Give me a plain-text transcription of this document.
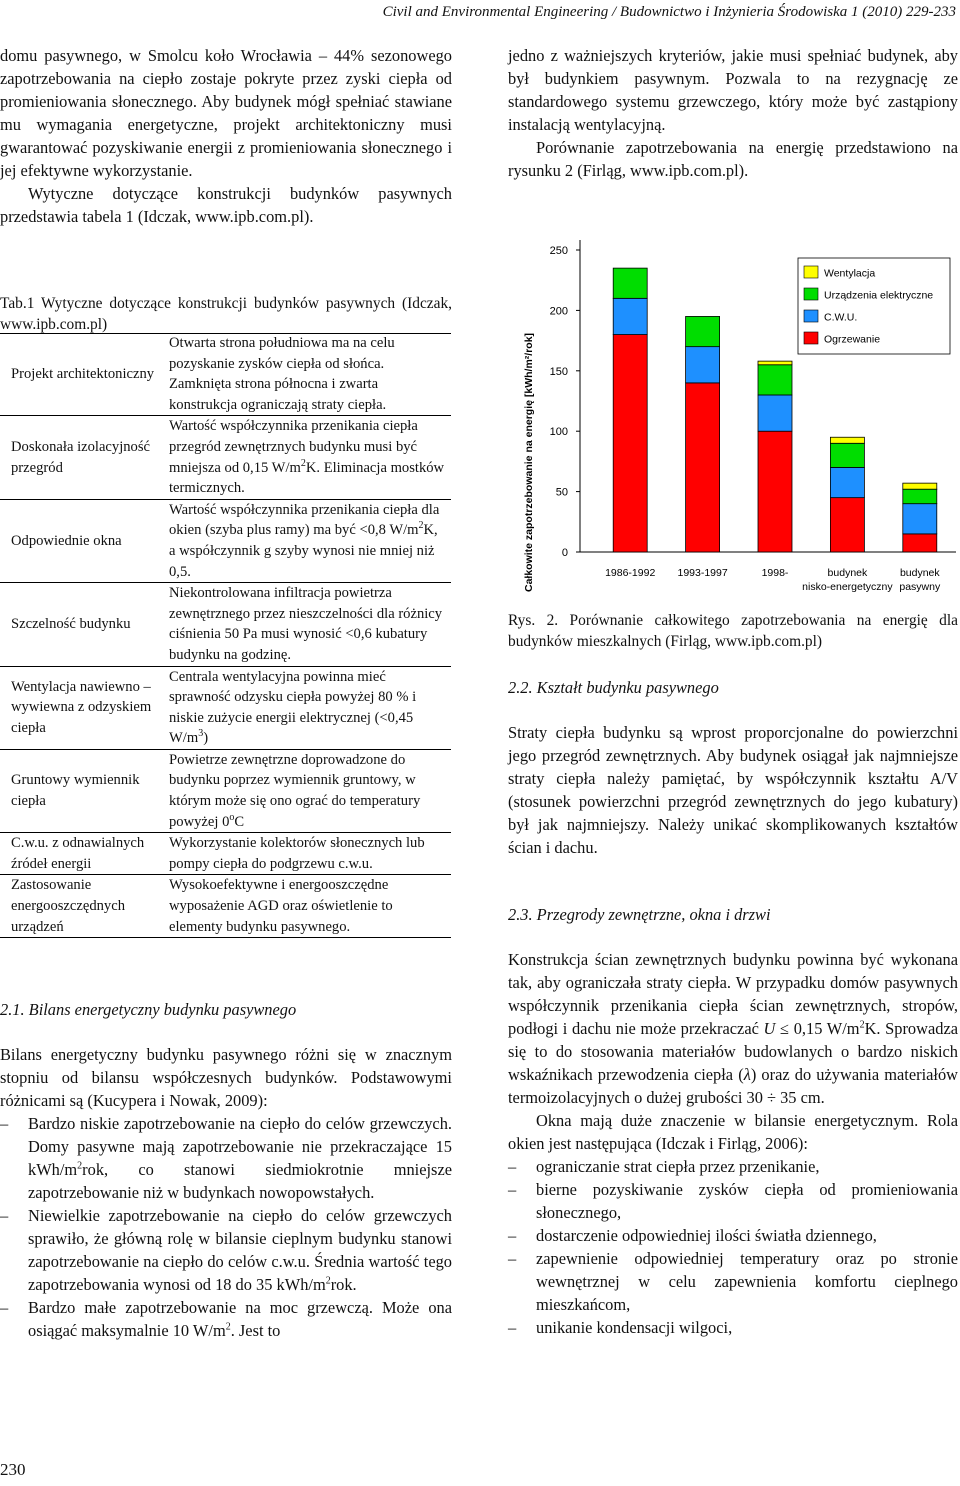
Civil and Environmental Engineering / Budownictwo i Inżynieria Środowiska 1 (2010) 229-233

domu pasywnego, w Smolcu koło Wrocławia – 44% sezonowego zapotrzebowania na ciepło zostaje pokryte przez zyski ciepła od promieniowania słonecznego. Aby budynek mógł spełniać stawiane mu wymagania energetyczne, projekt architektoniczny musi gwarantować pozyskiwanie energii z promieniowania słonecznego i jej efektywne wykorzystanie.

Wytyczne dotyczące konstrukcji budynków pasywnych przedstawia tabela 1 (Idczak, www.ipb.com.pl).

Tab.1 Wytyczne dotyczące konstrukcji budynków pasywnych (Idczak, www.ipb.com.pl)
Projekt architektoniczny	Otwarta strona południowa ma na celu pozyskanie zysków ciepła od słońca. Zamknięta strona północna i zwarta konstrukcja ograniczają straty ciepła.
Doskonała izolacyjność przegród	Wartość współczynnika przenikania ciepła przegród zewnętrznych budynku musi być mniejsza od 0,15 $W/m^2K$. Eliminacja mostków termicznych.
Odpowiednie okna	Wartość współczynnika przenikania ciepła dla okien (szyba plus ramy) ma być <0,8 $W/m^2K$, a współczynnik g szyby wynosi nie mniej niż 0,5.
Szczelność budynku	Niekontrolowana infiltracja powietrza zewnętrznego przez nieszczelności dla różnicy ciśnienia 50 Pa musi wynosić <0,6 kubatury budynku na godzinę.
Wentylacja nawiewno – wywiewna z odzyskiem ciepła	Centrala wentylacyjna powinna mieć sprawność odzysku ciepła powyżej 80 % i niskie zużycie energii elektrycznej (<0,45 $W/m^3$)
Gruntowy wymiennik ciepła	Powietrze zewnętrzne doprowadzone do budynku poprzez wymiennik gruntowy, w którym może się ono ograć do temperatury powyżej 0$^o$C
C.w.u. z odnawialnych źródeł energii	Wykorzystanie kolektorów słonecznych lub pompy ciepła do podgrzewu c.w.u.
Zastosowanie energooszczędnych urządzeń	Wysokoefektywne i energooszczędne wyposażenie AGD oraz oświetlenie to elementy budynku pasywnego.

2.1. Bilans energetyczny budynku pasywnego

Bilans energetyczny budynku pasywnego różni się w znacznym stopniu od bilansu współczesnych budynków. Podstawowymi różnicami są (Kucypera i Nowak, 2009):

– Bardzo niskie zapotrzebowanie na ciepło do celów grzewczych. Domy pasywne mają zapotrzebowanie nie przekraczające 15 kWh/$m^2rok$, co stanowi siedmiokrotnie mniejsze zapotrzebowanie niż w budynkach nowopowstałych.
– Niewielkie zapotrzebowanie na ciepło do celów grzewczych sprawiło, że główną rolę w bilansie cieplnym budynku stanowi zapotrzebowanie na ciepło do celów c.w.u. Średnia wartość tego zapotrzebowania wynosi od 18 do 35 kWh/$m^2rok$.
– Bardzo małe zapotrzebowanie na moc grzewczą. Może ona osiągać maksymalnie 10 $W/m^2$. Jest to
230

jedno z ważniejszych kryteriów, jakie musi spełniać budynek, aby był budynkiem pasywnym. Pozwala to na rezygnację ze standardowego systemu grzewczego, który może być zastąpiony instalacją wentylacyjną.

Porównanie zapotrzebowania na energię przedstawiono na rysunku 2 (Firląg, www.ipb.com.pl).

0
50
100
150
200
250
Całkowite zapotrzebowanie na energię [kWh/m²/rok]	1986-1992 1993-1997	1998-	budynek
nisko-energetyczny
budynek
pasywny
Wentylacja
Urządzenia elektryczne
C.W.U.
Ogrzewanie
Rys. 2. Porównanie całkowitego zapotrzebowania na energię dla budynków mieszkalnych (Firląg, www.ipb.com.pl)

2.2. Kształt budynku pasywnego

Straty ciepła budynku są wprost proporcjonalne do powierzchni jego przegród zewnętrznych. Aby budynek osiągał jak najmniejsze straty ciepła należy pamiętać, by współczynnik kształtu A/V (stosunek powierzchni przegród zewnętrznych do jego kubatury) był jak najmniejszy. Należy unikać skomplikowanych kształtów ścian i dachu.

2.3. Przegrody zewnętrzne, okna i drzwi

Konstrukcja ścian zewnętrznych budynku powinna być wykonana tak, aby ograniczała straty ciepła. W przypadku domów pasywnych współczynnik przenikania ciepła ścian zewnętrznych, stropów, podłogi i dachu nie może przekraczać U ≤ 0,15 $W/m^2K$. Sprowadza się to do stosowania materiałów budowlanych o bardzo niskich wskaźnikach przewodzenia ciepła (λ) oraz do używania materiałów termoizolacyjnych o dużej grubości 30 ÷ 35 cm.

Okna mają duże znaczenie w bilansie energetycznym. Rola okien jest następująca (Idczak i Firląg, 2006):

– ograniczanie strat ciepła przez przenikanie,
– bierne pozyskiwanie zysków ciepła od promieniowania słonecznego,
– dostarczenie odpowiedniej ilości światła dziennego,
– zapewnienie odpowiedniej temperatury oraz po stronie wewnętrznej w celu zapewnienia komfortu cieplnego mieszkańcom,
– unikanie kondensacji wilgoci,
